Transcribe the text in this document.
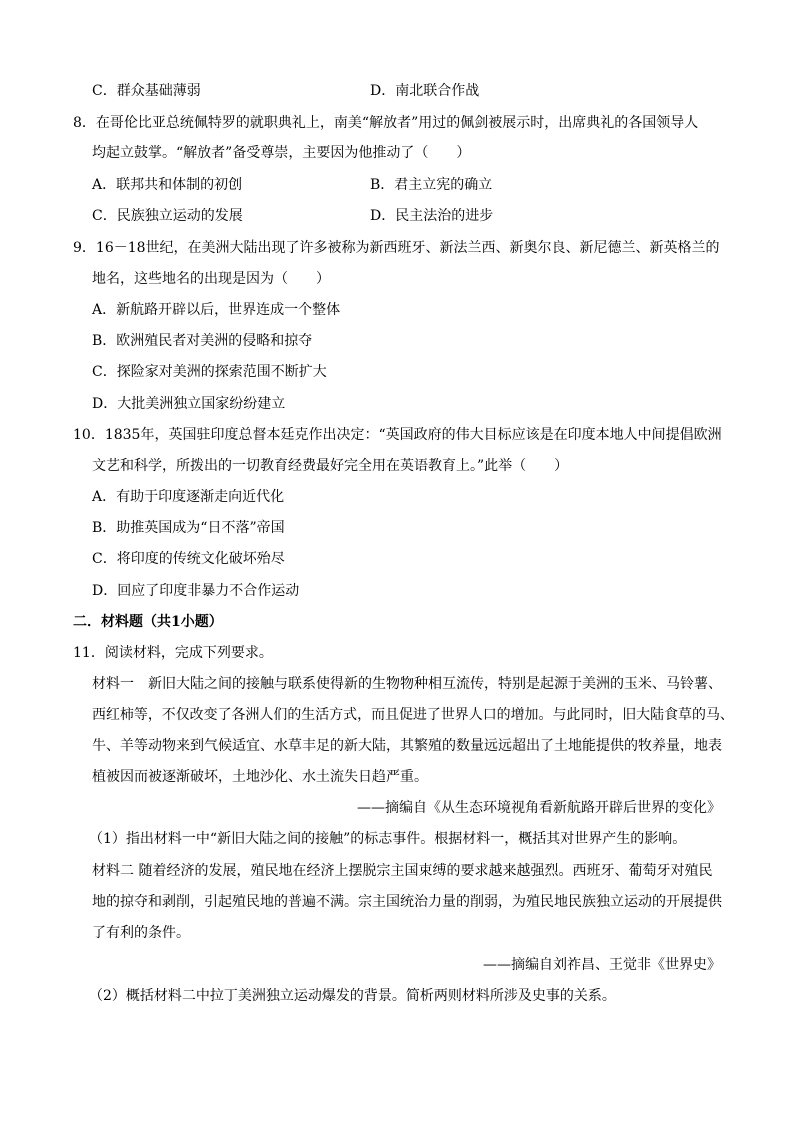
C．群众基础薄弱	D．南北联合作战
8．在哥伦比亚总统佩特罗的就职典礼上，南美“解放者”用过的佩剑被展示时，出席典礼的各国领导人
均起立鼓掌。“解放者”备受尊崇，主要因为他推动了（　　）
A．联邦共和体制的初创	B．君主立宪的确立
C．民族独立运动的发展	D．民主法治的进步
9．16－18世纪，在美洲大陆出现了许多被称为新西班牙、新法兰西、新奥尔良、新尼德兰、新英格兰的
地名，这些地名的出现是因为（　　）
A．新航路开辟以后，世界连成一个整体
B．欧洲殖民者对美洲的侵略和掠夺
C．探险家对美洲的探索范围不断扩大
D．大批美洲独立国家纷纷建立
10．1835年，英国驻印度总督本廷克作出决定：“英国政府的伟大目标应该是在印度本地人中间提倡欧洲
文艺和科学，所拨出的一切教育经费最好完全用在英语教育上。”此举（　　）
A．有助于印度逐渐走向近代化
B．助推英国成为“日不落”帝国
C．将印度的传统文化破坏殆尽
D．回应了印度非暴力不合作运动
二．材料题（共1小题）
11．阅读材料，完成下列要求。
材料一　新旧大陆之间的接触与联系使得新的生物物种相互流传，特别是起源于美洲的玉米、马铃薯、
西红柿等，不仅改变了各洲人们的生活方式，而且促进了世界人口的增加。与此同时，旧大陆食草的马、
牛、羊等动物来到气候适宜、水草丰足的新大陆，其繁殖的数量远远超出了土地能提供的牧养量，地表
植被因而被逐渐破坏，土地沙化、水土流失日趋严重。
——摘编自《从生态环境视角看新航路开辟后世界的变化》
（1）指出材料一中“新旧大陆之间的接触”的标志事件。根据材料一，概括其对世界产生的影响。
材料二 随着经济的发展，殖民地在经济上摆脱宗主国束缚的要求越来越强烈。西班牙、葡萄牙对殖民
地的掠夺和剥削，引起殖民地的普遍不满。宗主国统治力量的削弱，为殖民地民族独立运动的开展提供
了有利的条件。
——摘编自刘祚昌、王觉非《世界史》
（2）概括材料二中拉丁美洲独立运动爆发的背景。简析两则材料所涉及史事的关系。
